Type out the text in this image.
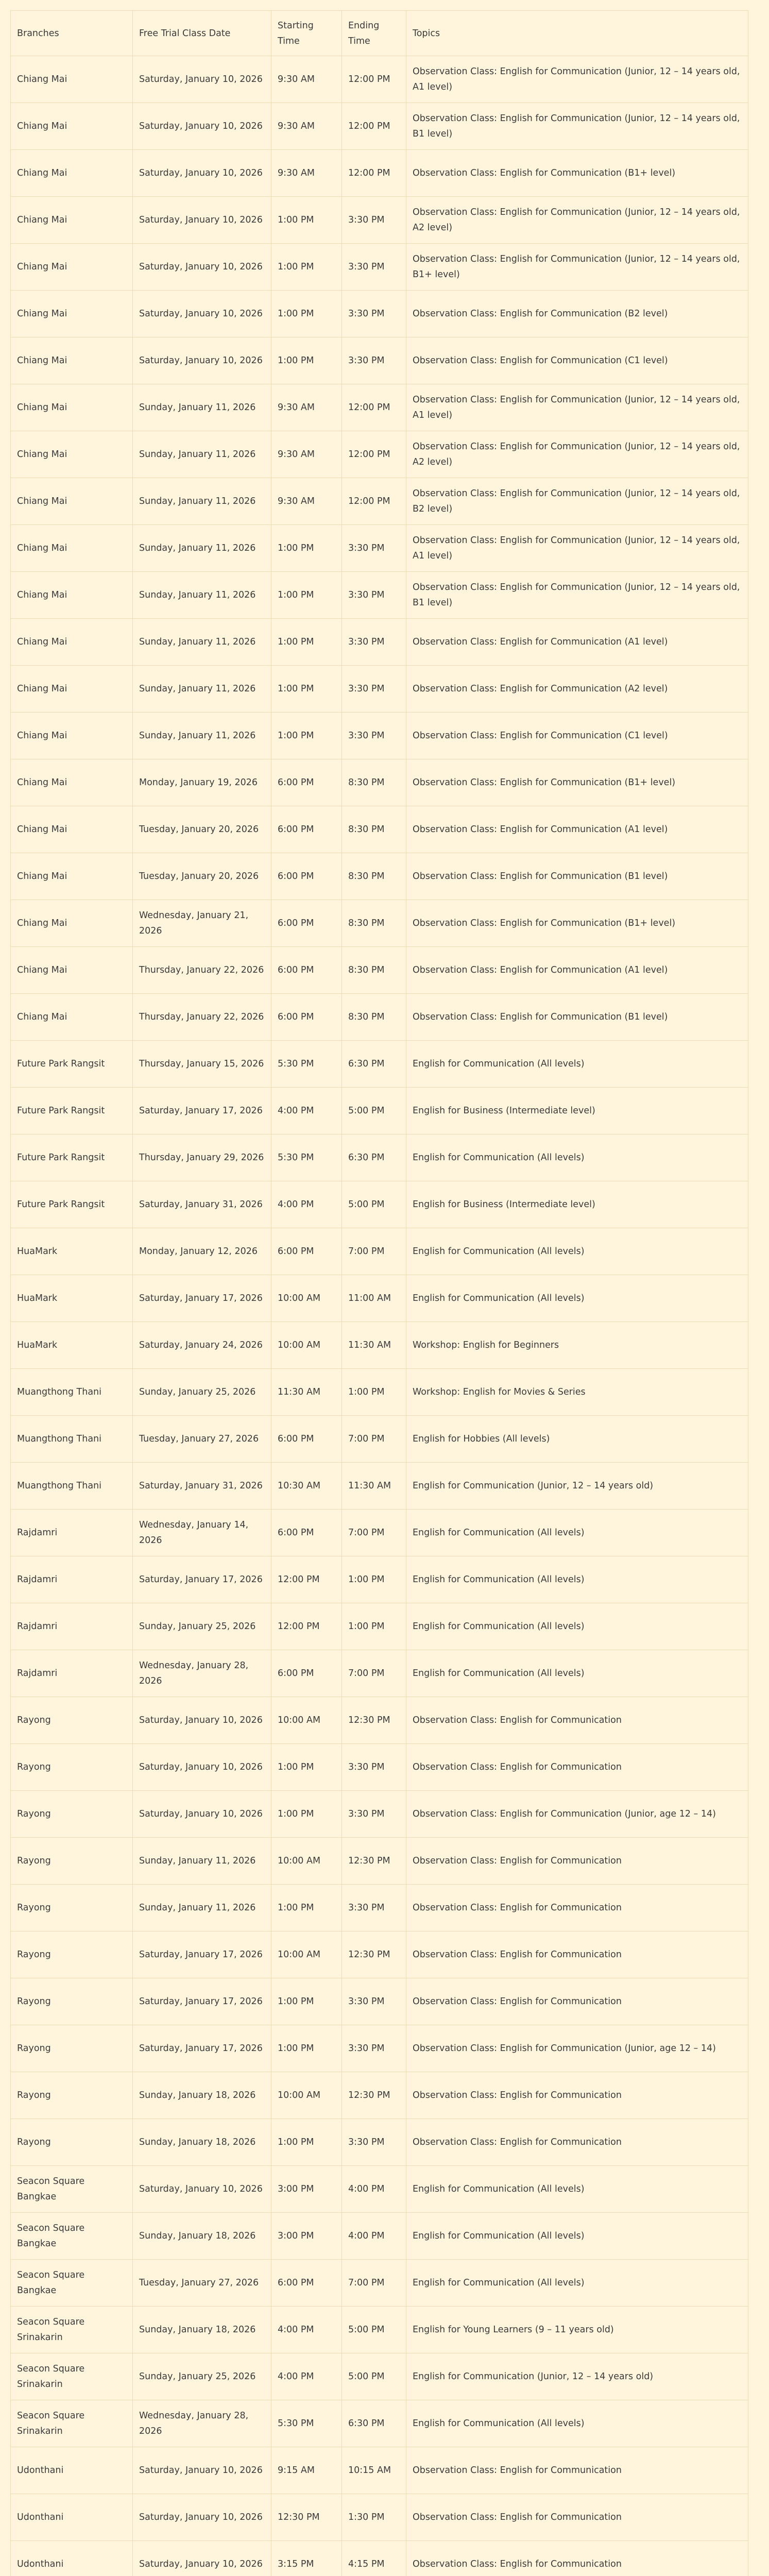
Branches	Free Trial Class Date	Starting Time	Ending Time	Topics
Chiang Mai	Saturday, January 10, 2026	9:30 AM	12:00 PM	Observation Class: English for Communication (Junior, 12 – 14 years old, A1 level)
Chiang Mai	Saturday, January 10, 2026	9:30 AM	12:00 PM	Observation Class: English for Communication (Junior, 12 – 14 years old, B1 level)
Chiang Mai	Saturday, January 10, 2026	9:30 AM	12:00 PM	Observation Class: English for Communication (B1+ level)
Chiang Mai	Saturday, January 10, 2026	1:00 PM	3:30 PM	Observation Class: English for Communication (Junior, 12 – 14 years old, A2 level)
Chiang Mai	Saturday, January 10, 2026	1:00 PM	3:30 PM	Observation Class: English for Communication (Junior, 12 – 14 years old, B1+ level)
Chiang Mai	Saturday, January 10, 2026	1:00 PM	3:30 PM	Observation Class: English for Communication (B2 level)
Chiang Mai	Saturday, January 10, 2026	1:00 PM	3:30 PM	Observation Class: English for Communication (C1 level)
Chiang Mai	Sunday, January 11, 2026	9:30 AM	12:00 PM	Observation Class: English for Communication (Junior, 12 – 14 years old, A1 level)
Chiang Mai	Sunday, January 11, 2026	9:30 AM	12:00 PM	Observation Class: English for Communication (Junior, 12 – 14 years old, A2 level)
Chiang Mai	Sunday, January 11, 2026	9:30 AM	12:00 PM	Observation Class: English for Communication (Junior, 12 – 14 years old, B2 level)
Chiang Mai	Sunday, January 11, 2026	1:00 PM	3:30 PM	Observation Class: English for Communication (Junior, 12 – 14 years old, A1 level)
Chiang Mai	Sunday, January 11, 2026	1:00 PM	3:30 PM	Observation Class: English for Communication (Junior, 12 – 14 years old, B1 level)
Chiang Mai	Sunday, January 11, 2026	1:00 PM	3:30 PM	Observation Class: English for Communication (A1 level)
Chiang Mai	Sunday, January 11, 2026	1:00 PM	3:30 PM	Observation Class: English for Communication (A2 level)
Chiang Mai	Sunday, January 11, 2026	1:00 PM	3:30 PM	Observation Class: English for Communication (C1 level)
Chiang Mai	Monday, January 19, 2026	6:00 PM	8:30 PM	Observation Class: English for Communication (B1+ level)
Chiang Mai	Tuesday, January 20, 2026	6:00 PM	8:30 PM	Observation Class: English for Communication (A1 level)
Chiang Mai	Tuesday, January 20, 2026	6:00 PM	8:30 PM	Observation Class: English for Communication (B1 level)
Chiang Mai	Wednesday, January 21, 2026	6:00 PM	8:30 PM	Observation Class: English for Communication (B1+ level)
Chiang Mai	Thursday, January 22, 2026	6:00 PM	8:30 PM	Observation Class: English for Communication (A1 level)
Chiang Mai	Thursday, January 22, 2026	6:00 PM	8:30 PM	Observation Class: English for Communication (B1 level)
Future Park Rangsit	Thursday, January 15, 2026	5:30 PM	6:30 PM	English for Communication (All levels)
Future Park Rangsit	Saturday, January 17, 2026	4:00 PM	5:00 PM	English for Business (Intermediate level)
Future Park Rangsit	Thursday, January 29, 2026	5:30 PM	6:30 PM	English for Communication (All levels)
Future Park Rangsit	Saturday, January 31, 2026	4:00 PM	5:00 PM	English for Business (Intermediate level)
HuaMark	Monday, January 12, 2026	6:00 PM	7:00 PM	English for Communication (All levels)
HuaMark	Saturday, January 17, 2026	10:00 AM	11:00 AM	English for Communication (All levels)
HuaMark	Saturday, January 24, 2026	10:00 AM	11:30 AM	Workshop: English for Beginners
Muangthong Thani	Sunday, January 25, 2026	11:30 AM	1:00 PM	Workshop: English for Movies & Series
Muangthong Thani	Tuesday, January 27, 2026	6:00 PM	7:00 PM	English for Hobbies (All levels)
Muangthong Thani	Saturday, January 31, 2026	10:30 AM	11:30 AM	English for Communication (Junior, 12 – 14 years old)
Rajdamri	Wednesday, January 14, 2026	6:00 PM	7:00 PM	English for Communication (All levels)
Rajdamri	Saturday, January 17, 2026	12:00 PM	1:00 PM	English for Communication (All levels)
Rajdamri	Sunday, January 25, 2026	12:00 PM	1:00 PM	English for Communication (All levels)
Rajdamri	Wednesday, January 28, 2026	6:00 PM	7:00 PM	English for Communication (All levels)
Rayong	Saturday, January 10, 2026	10:00 AM	12:30 PM	Observation Class: English for Communication
Rayong	Saturday, January 10, 2026	1:00 PM	3:30 PM	Observation Class: English for Communication
Rayong	Saturday, January 10, 2026	1:00 PM	3:30 PM	Observation Class: English for Communication (Junior, age 12 – 14)
Rayong	Sunday, January 11, 2026	10:00 AM	12:30 PM	Observation Class: English for Communication
Rayong	Sunday, January 11, 2026	1:00 PM	3:30 PM	Observation Class: English for Communication
Rayong	Saturday, January 17, 2026	10:00 AM	12:30 PM	Observation Class: English for Communication
Rayong	Saturday, January 17, 2026	1:00 PM	3:30 PM	Observation Class: English for Communication
Rayong	Saturday, January 17, 2026	1:00 PM	3:30 PM	Observation Class: English for Communication (Junior, age 12 – 14)
Rayong	Sunday, January 18, 2026	10:00 AM	12:30 PM	Observation Class: English for Communication
Rayong	Sunday, January 18, 2026	1:00 PM	3:30 PM	Observation Class: English for Communication
Seacon Square Bangkae	Saturday, January 10, 2026	3:00 PM	4:00 PM	English for Communication (All levels)
Seacon Square Bangkae	Sunday, January 18, 2026	3:00 PM	4:00 PM	English for Communication (All levels)
Seacon Square Bangkae	Tuesday, January 27, 2026	6:00 PM	7:00 PM	English for Communication (All levels)
Seacon Square Srinakarin	Sunday, January 18, 2026	4:00 PM	5:00 PM	English for Young Learners (9 – 11 years old)
Seacon Square Srinakarin	Sunday, January 25, 2026	4:00 PM	5:00 PM	English for Communication (Junior, 12 – 14 years old)
Seacon Square Srinakarin	Wednesday, January 28, 2026	5:30 PM	6:30 PM	English for Communication (All levels)
Udonthani	Saturday, January 10, 2026	9:15 AM	10:15 AM	Observation Class: English for Communication
Udonthani	Saturday, January 10, 2026	12:30 PM	1:30 PM	Observation Class: English for Communication
Udonthani	Saturday, January 10, 2026	3:15 PM	4:15 PM	Observation Class: English for Communication
